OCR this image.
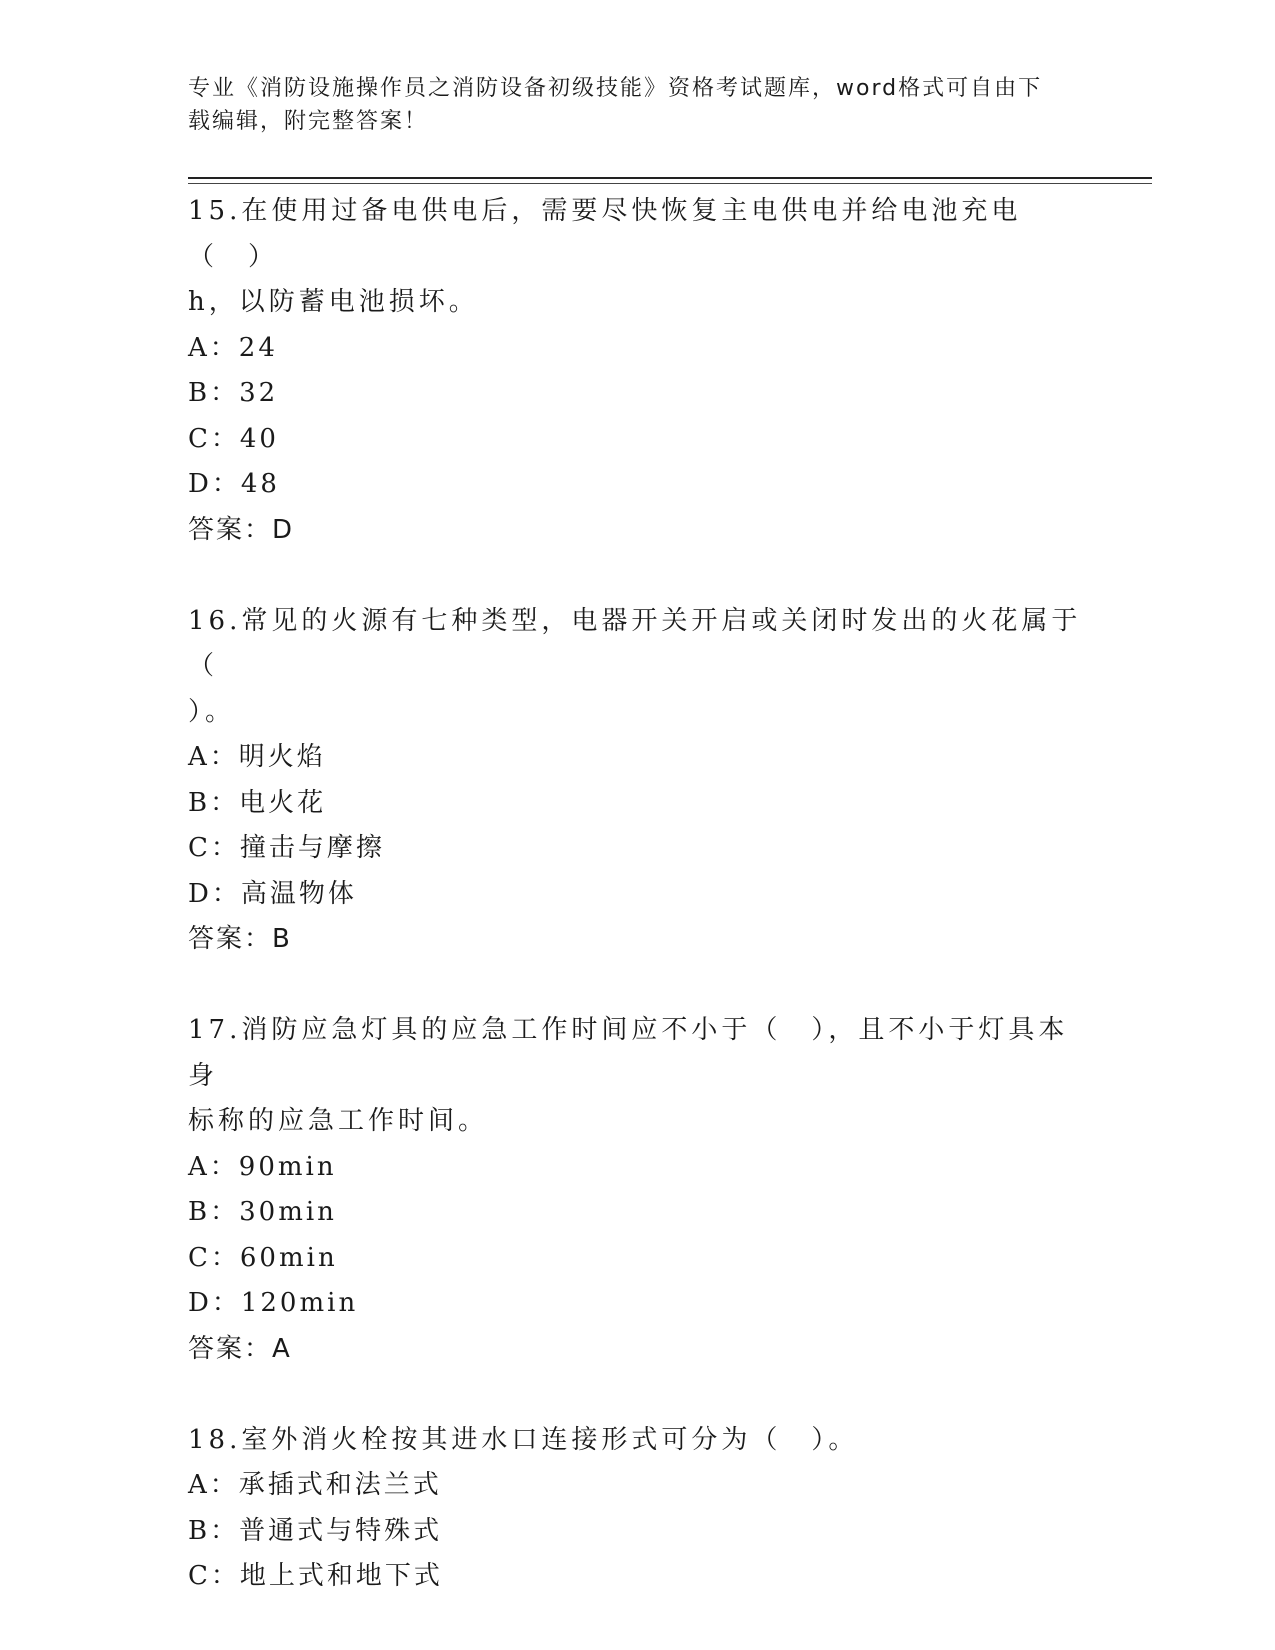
专业《消防设施操作员之消防设备初级技能》资格考试题库，word格式可自由下
载编辑，附完整答案！
15.在使用过备电供电后，需要尽快恢复主电供电并给电池充电（　）
h，以防蓄电池损坏。
A：24
B：32
C：40
D：48
答案：D
16.常见的火源有七种类型，电器开关开启或关闭时发出的火花属于（
）。
A：明火焰
B：电火花
C：撞击与摩擦
D：高温物体
答案：B
17.消防应急灯具的应急工作时间应不小于（　），且不小于灯具本身
标称的应急工作时间。
A：90min
B：30min
C：60min
D：120min
答案：A
18.室外消火栓按其进水口连接形式可分为（　）。
A：承插式和法兰式
B：普通式与特殊式
C：地上式和地下式
